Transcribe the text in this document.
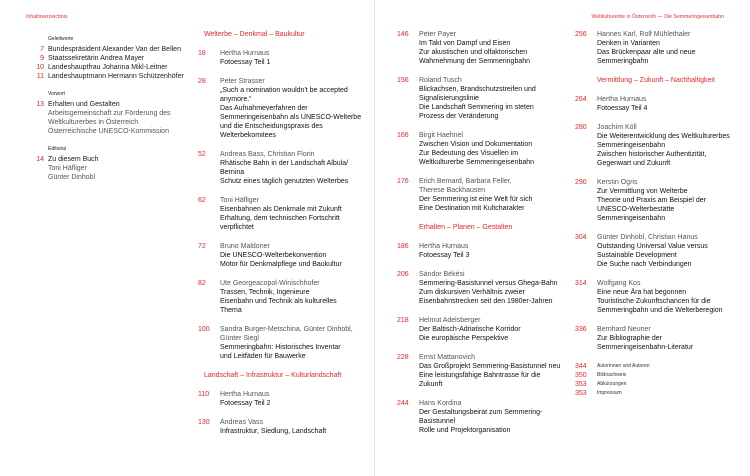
Inhaltsverzeichnis
Geleitworte
7 Bundespräsident Alexander Van der Bellen
9 Staatssekretärin Andrea Mayer
10 Landeshauptfrau Johanna Mikl-Leitner
11 Landeshauptmann Hermann Schützenhöfer
Vorwort
13 Erhalten und Gestalten
Arbeitsgemeinschaft zur Förderung des
Weltkulturerbes in Österreich
Österreichische UNESCO-Kommission
Editorial
14 Zu diesem Buch
Toni Häfliger
Günter Dinhobl
Welterbe – Denkmal – Baukultur
18	Hertha Hurnaus
Fotoessay Teil 1
28	Peter Strasser
„Such a nomination wouldn't be accepted
anymore.“
Das Aufnahmeverfahren der
Semmeringeisenbahn als UNESCO-Welterbe
und die Entscheidungspraxis des
Welterbekomitees
52	Andreas Bass, Christian Florin
Rhätische Bahn in der Landschaft Albula/
Bernina
Schutz eines täglich genutzten Welterbes
62	Toni Häfliger
Eisenbahnen als Denkmale mit Zukunft
Erhaltung, dem technischen Fortschritt
verpflichtet
72	Bruno Maldoner
Die UNESCO-Welterbekonvention
Motor für Denkmalpflege und Baukultur
82	Ute Georgeacopol-Winischhofer
Trassen, Technik, Ingenieure
Eisenbahn und Technik als kulturelles
Thema
100	Sandra Burger-Metschina, Günter Dinhobl,
Günter Siegl
Semmeringbahn: Historisches Inventar
und Leitfäden für Bauwerke
Landschaft – Infrastruktur – Kulturlandschaft
110	Hertha Hurnaus
Fotoessay Teil 2
130	Andreas Vass
Infrastruktur, Siedlung, Landschaft
Weltkulturerbe in Österreich — Die Semmeringeisenbahn
146	Peter Payer
Im Takt von Dampf und Eisen
Zur akustischen und olfaktorischen
Wahrnehmung der Semmeringbahn
156	Roland Tusch
Blickachsen, Brandschutzstreifen und
Signalisierungslinie
Die Landschaft Semmering im steten
Prozess der Veränderung
166	Birgit Haehnel
Zwischen Vision und Dokumentation
Zur Bedeutung des Visuellen im
Weltkulturerbe Semmeringeisenbahn
176	Erich Bernard, Barbara Feller,
Therese Backhausen
Der Semmering ist eine Welt für sich
Eine Destination mit Kultcharakter
Erhalten – Planen – Gestalten
186	Hertha Hurnaus
Fotoessay Teil 3
206	Sándor Békési
Semmering-Basistunnel versus Ghega-Bahn
Zum diskursiven Verhältnis zweier
Eisenbahnstrecken seit den 1980er-Jahren
218	Helmut Adelsberger
Der Baltisch-Adriatische Korridor
Die europäische Perspektive
228	Ernst Mattanovich
Das Großprojekt Semmering-Basistunnel neu
Eine leistungsfähige Bahntrasse für die
Zukunft
244	Hans Kordina
Der Gestaltungsbeirat zum Semmering-
Basistunnel
Rolle und Projektorganisation
256	Hannes Karl, Rolf Mühlethaler
Denken in Varianten
Das Brückenpaar alte und neue
Semmeringbahn
Vermittlung – Zukunft – Nachhaltigkeit
264	Hertha Hurnaus
Fotoessay Teil 4
280	Joachim Köll
Die Weiterentwicklung des Weltkulturerbes
Semmeringeisenbahn
Zwischen historischer Authentizität,
Gegenwart und Zukunft
290	Kerstin Ogris
Zur Vermittlung von Welterbe
Theorie und Praxis am Beispiel der
UNESCO-Welterbestätte
Semmeringeisenbahn
304	Günter Dinhobl, Christian Hanus
Outstanding Universal Value versus
Sustainable Development
Die Suche nach Verbindungen
314	Wolfgang Kos
Eine neue Ära hat begonnen
Touristische Zukunftschancen für die
Semmeringbahn und die Welterberegion
336	Bernhard Neuner
Zur Bibliographie der
Semmeringeisenbahn-Literatur
344	Autorinnen und Autoren
350	Bildnachweis
353	Abkürzungen
353	Impressum
